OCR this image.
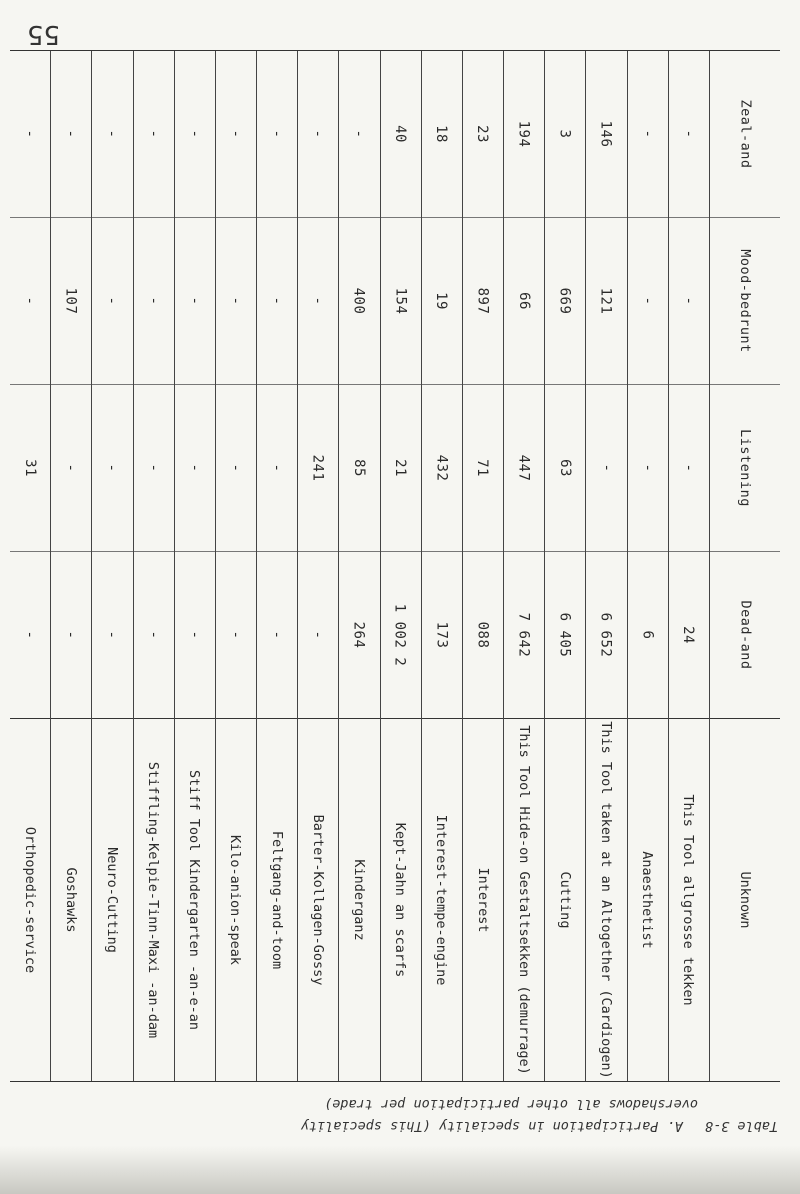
Table 3-8 A. Participation in speciality (This speciality
overshadows all other participation per trade)
Unknown
This Tool allgrosse tekken
Anaesthetist
This Tool taken at an Altogether (Cardiogen)
Cutting
This Tool Hide-on Gestaltsekken (demurrage)
Interest
Interest-tempe-engine
Kept-Jahn an scarfs
Kinderganz
Barter-Kollagen-Gossy
Feltgang-and-toom
Kilo-anion-speak
Stiff Tool Kindergarten -an-e-an
Stiffling-Kelpie-Tinn-Maxi -an-dam
Neuro-Cutting
Goshawks
Orthopedic-service
Dead-and
24
6
6 652
6 405
7 642
088
173
1 002 2
264
-
-
-
-
-
-
-
-
Listening
-
-
-
63
447
71
432
21
85
241
-
-
-
-
-
-
31
Mood-bedrunt
-
-
121
669
66
897
19
154
400
-
-
-
-
-
-
107
-
Zeal-and
-
-
146
3
194
23
18
40
-
-
-
-
-
-
-
-
-
55
